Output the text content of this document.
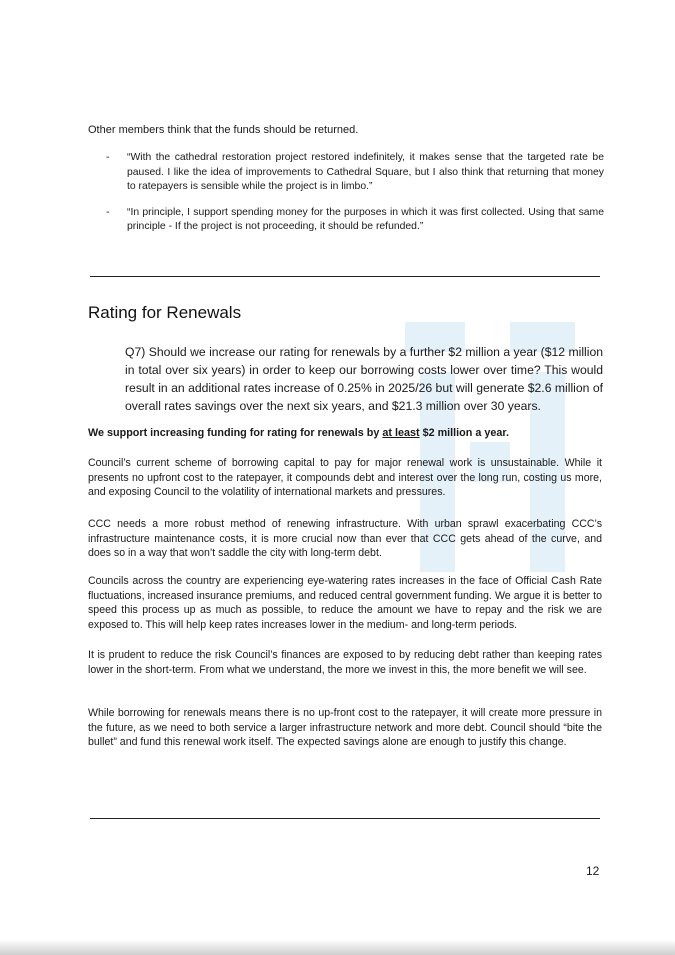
Other members think that the funds should be returned.

- “With the cathedral restoration project restored indefinitely, it makes sense that the targeted rate be paused. I like the idea of improvements to Cathedral Square, but I also think that returning that money to ratepayers is sensible while the project is in limbo.”
- “In principle, I support spending money for the purposes in which it was first collected. Using that same principle - If the project is not proceeding, it should be refunded.”
Rating for Renewals

Q7) Should we increase our rating for renewals by a further $2 million a year ($12 million in total over six years) in order to keep our borrowing costs lower over time? This would result in an additional rates increase of 0.25% in 2025/26 but will generate $2.6 million of overall rates savings over the next six years, and $21.3 million over 30 years.

We support increasing funding for rating for renewals by at least $2 million a year.

Council’s current scheme of borrowing capital to pay for major renewal work is unsustainable. While it presents no upfront cost to the ratepayer, it compounds debt and interest over the long run, costing us more, and exposing Council to the volatility of international markets and pressures.

CCC needs a more robust method of renewing infrastructure. With urban sprawl exacerbating CCC’s infrastructure maintenance costs, it is more crucial now than ever that CCC gets ahead of the curve, and does so in a way that won’t saddle the city with long-term debt.

Councils across the country are experiencing eye-watering rates increases in the face of Official Cash Rate fluctuations, increased insurance premiums, and reduced central government funding. We argue it is better to speed this process up as much as possible, to reduce the amount we have to repay and the risk we are exposed to. This will help keep rates increases lower in the medium- and long-term periods.

It is prudent to reduce the risk Council’s finances are exposed to by reducing debt rather than keeping rates lower in the short-term. From what we understand, the more we invest in this, the more benefit we will see.

While borrowing for renewals means there is no up-front cost to the ratepayer, it will create more pressure in the future, as we need to both service a larger infrastructure network and more debt. Council should “bite the bullet” and fund this renewal work itself. The expected savings alone are enough to justify this change.

12
